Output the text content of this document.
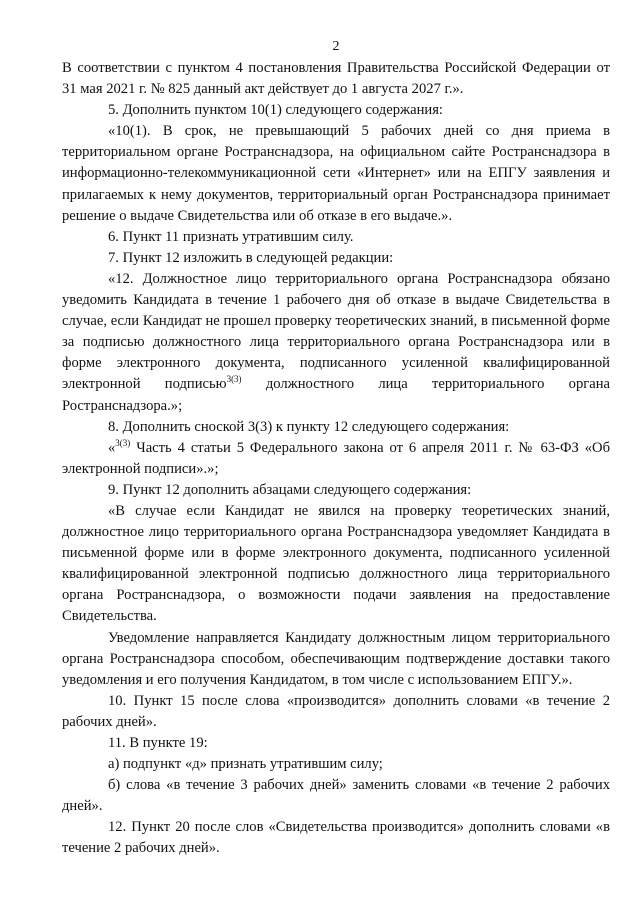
2

В соответствии с пунктом 4 постановления Правительства Российской Федерации от 31 мая 2021 г. № 825 данный акт действует до 1 августа 2027 г.».

5. Дополнить пунктом 10(1) следующего содержания:

«10(1). В срок, не превышающий 5 рабочих дней со дня приема в территориальном органе Ространснадзора, на официальном сайте Ространснадзора в информационно-телекоммуникационной сети «Интернет» или на ЕПГУ заявления и прилагаемых к нему документов, территориальный орган Ространснадзора принимает решение о выдаче Свидетельства или об отказе в его выдаче.».

6. Пункт 11 признать утратившим силу.

7. Пункт 12 изложить в следующей редакции:

«12. Должностное лицо территориального органа Ространснадзора обязано уведомить Кандидата в течение 1 рабочего дня об отказе в выдаче Свидетельства в случае, если Кандидат не прошел проверку теоретических знаний, в письменной форме за подписью должностного лица территориального органа Ространснадзора или в форме электронного документа, подписанного усиленной квалифицированной электронной подписью$^{3(3)}$ должностного лица территориального органа Ространснадзора.»;

8. Дополнить сноской 3(3) к пункту 12 следующего содержания:

«$^{3(3)}$ Часть 4 статьи 5 Федерального закона от 6 апреля 2011 г. № 63-ФЗ «Об электронной подписи».»;

9. Пункт 12 дополнить абзацами следующего содержания:

«В случае если Кандидат не явился на проверку теоретических знаний, должностное лицо территориального органа Ространснадзора уведомляет Кандидата в письменной форме или в форме электронного документа, подписанного усиленной квалифицированной электронной подписью должностного лица территориального органа Ространснадзора, о возможности подачи заявления на предоставление Свидетельства.

Уведомление направляется Кандидату должностным лицом территориального органа Ространснадзора способом, обеспечивающим подтверждение доставки такого уведомления и его получения Кандидатом, в том числе с использованием ЕПГУ.».

10. Пункт 15 после слова «производится» дополнить словами «в течение 2 рабочих дней».

11. В пункте 19:

а) подпункт «д» признать утратившим силу;

б) слова «в течение 3 рабочих дней» заменить словами «в течение 2 рабочих дней».

12. Пункт 20 после слов «Свидетельства производится» дополнить словами «в течение 2 рабочих дней».
